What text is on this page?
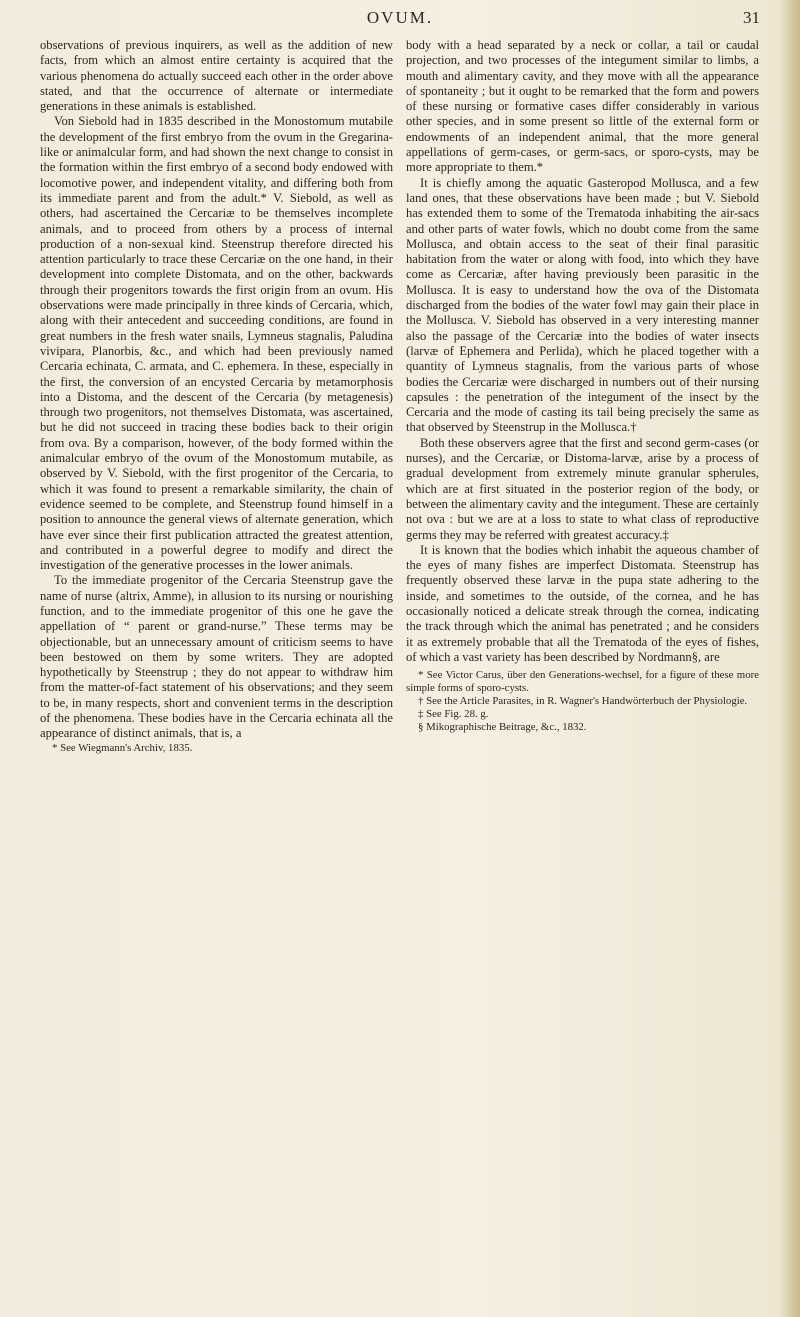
OVUM.	31

observations of previous inquirers, as well as the addition of new facts, from which an almost entire certainty is acquired that the various phenomena do actually succeed each other in the order above stated, and that the occurrence of alternate or intermediate generations in these animals is established.

Von Siebold had in 1835 described in the Monostomum mutabile the development of the first embryo from the ovum in the Gregarina-like or animalcular form, and had shown the next change to consist in the formation within the first embryo of a second body endowed with locomotive power, and independent vitality, and differing both from its immediate parent and from the adult.* V. Siebold, as well as others, had ascertained the Cercariæ to be themselves incomplete animals, and to proceed from others by a process of internal production of a non-sexual kind. Steenstrup therefore directed his attention particularly to trace these Cercariæ on the one hand, in their development into complete Distomata, and on the other, backwards through their progenitors towards the first origin from an ovum. His observations were made principally in three kinds of Cercaria, which, along with their antecedent and succeeding conditions, are found in great numbers in the fresh water snails, Lymneus stagnalis, Paludina vivipara, Planorbis, &c., and which had been previously named Cercaria echinata, C. armata, and C. ephemera. In these, especially in the first, the conversion of an encysted Cercaria by metamorphosis into a Distoma, and the descent of the Cercaria (by metagenesis) through two progenitors, not themselves Distomata, was ascertained, but he did not succeed in tracing these bodies back to their origin from ova. By a comparison, however, of the body formed within the animalcular embryo of the ovum of the Monostomum mutabile, as observed by V. Siebold, with the first progenitor of the Cercaria, to which it was found to present a remarkable similarity, the chain of evidence seemed to be complete, and Steenstrup found himself in a position to announce the general views of alternate generation, which have ever since their first publication attracted the greatest attention, and contributed in a powerful degree to modify and direct the investigation of the generative processes in the lower animals.

To the immediate progenitor of the Cercaria Steenstrup gave the name of nurse (altrix, Amme), in allusion to its nursing or nourishing function, and to the immediate progenitor of this one he gave the appellation of “ parent or grand-nurse.” These terms may be objectionable, but an unnecessary amount of criticism seems to have been bestowed on them by some writers. They are adopted hypothetically by Steenstrup ; they do not appear to withdraw him from the matter-of-fact statement of his observations; and they seem to be, in many respects, short and convenient terms in the description of the phenomena. These bodies have in the Cercaria echinata all the appearance of distinct animals, that is, a

* See Wiegmann's Archiv, 1835.

body with a head separated by a neck or collar, a tail or caudal projection, and two processes of the integument similar to limbs, a mouth and alimentary cavity, and they move with all the appearance of spontaneity ; but it ought to be remarked that the form and powers of these nursing or formative cases differ considerably in various other species, and in some present so little of the external form or endowments of an independent animal, that the more general appellations of germ-cases, or germ-sacs, or sporo-cysts, may be more appropriate to them.*

It is chiefly among the aquatic Gasteropod Mollusca, and a few land ones, that these observations have been made ; but V. Siebold has extended them to some of the Trematoda inhabiting the air-sacs and other parts of water fowls, which no doubt come from the same Mollusca, and obtain access to the seat of their final parasitic habitation from the water or along with food, into which they have come as Cercariæ, after having previously been parasitic in the Mollusca. It is easy to understand how the ova of the Distomata discharged from the bodies of the water fowl may gain their place in the Mollusca. V. Siebold has observed in a very interesting manner also the passage of the Cercariæ into the bodies of water insects (larvæ of Ephemera and Perlida), which he placed together with a quantity of Lymneus stagnalis, from the various parts of whose bodies the Cercariæ were discharged in numbers out of their nursing capsules : the penetration of the integument of the insect by the Cercaria and the mode of casting its tail being precisely the same as that observed by Steenstrup in the Mollusca.†

Both these observers agree that the first and second germ-cases (or nurses), and the Cercariæ, or Distoma-larvæ, arise by a process of gradual development from extremely minute granular spherules, which are at first situated in the posterior region of the body, or between the alimentary cavity and the integument. These are certainly not ova : but we are at a loss to state to what class of reproductive germs they may be referred with greatest accuracy.‡

It is known that the bodies which inhabit the aqueous chamber of the eyes of many fishes are imperfect Distomata. Steenstrup has frequently observed these larvæ in the pupa state adhering to the inside, and sometimes to the outside, of the cornea, and he has occasionally noticed a delicate streak through the cornea, indicating the track through which the animal has penetrated ; and he considers it as extremely probable that all the Trematoda of the eyes of fishes, of which a vast variety has been described by Nordmann§, are

* See Victor Carus, über den Generations-wechsel, for a figure of these more simple forms of sporo-cysts.

† See the Article Parasites, in R. Wagner's Handwörterbuch der Physiologie.

‡ See Fig. 28. g.

§ Mikographische Beitrage, &c., 1832.
